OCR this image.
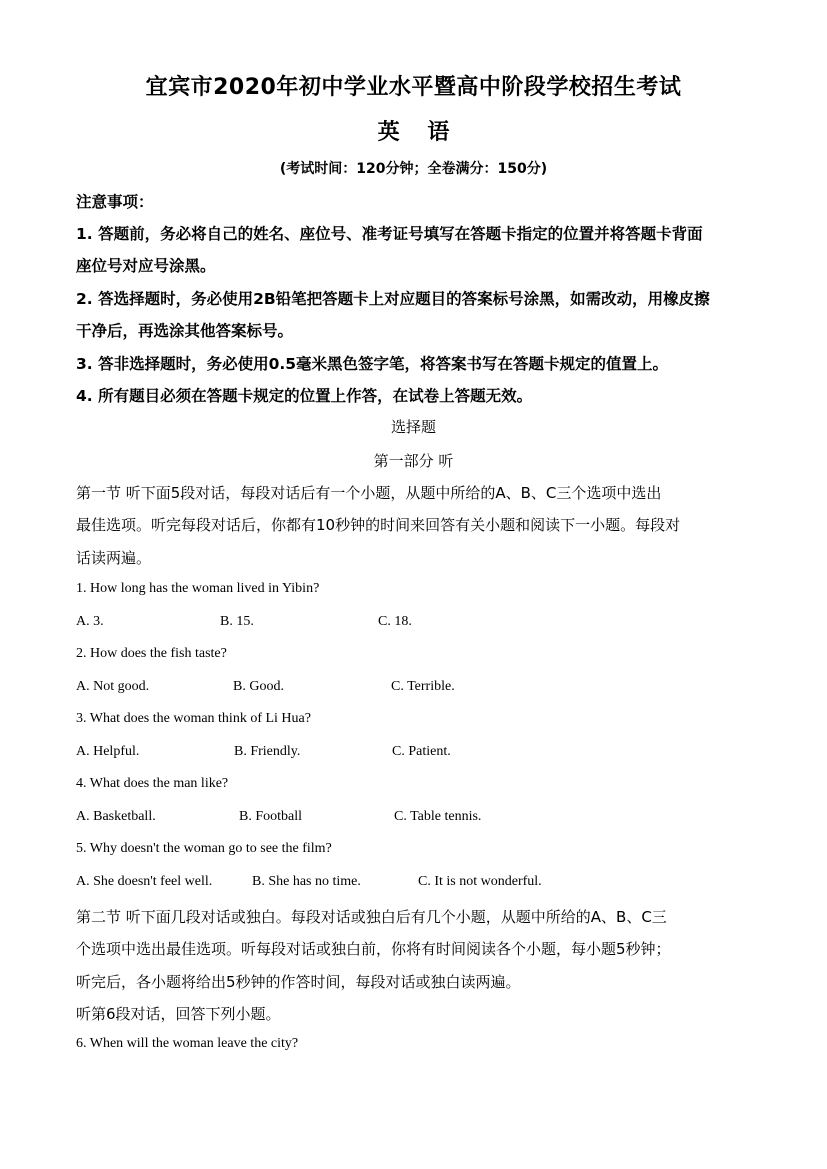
宜宾市2020年初中学业水平暨高中阶段学校招生考试
英 语
(考试时间：120分钟；全卷满分：150分)
注意事项：
1. 答题前，务必将自己的姓名、座位号、准考证号填写在答题卡指定的位置并将答题卡背面
座位号对应号涂黑。
2. 答选择题时，务必使用2B铅笔把答题卡上对应题目的答案标号涂黑，如需改动，用橡皮擦
干净后，再选涂其他答案标号。
3. 答非选择题时，务必使用0.5毫米黑色签字笔，将答案书写在答题卡规定的值置上。
4. 所有题目必须在答题卡规定的位置上作答，在试卷上答题无效。
选择题
第一部分 听
第一节 听下面5段对话，每段对话后有一个小题，从题中所给的A、B、C三个选项中选出
最佳选项。听完每段对话后，你都有10秒钟的时间来回答有关小题和阅读下一小题。每段对
话读两遍。
1. How long has the woman lived in Yibin?
A. 3.	B. 15.	C. 18.
2. How does the fish taste?
A. Not good.	B. Good.	C. Terrible.
3. What does the woman think of Li Hua?
A. Helpful.	B. Friendly.	C. Patient.
4. What does the man like?
A. Basketball.	B. Football	C. Table tennis.
5. Why doesn't the woman go to see the film?
A. She doesn't feel well.	B. She has no time.	C. It is not wonderful.
第二节 听下面几段对话或独白。每段对话或独白后有几个小题，从题中所给的A、B、C三
个选项中选出最佳选项。听每段对话或独白前，你将有时间阅读各个小题，每小题5秒钟；
听完后，各小题将给出5秒钟的作答时间，每段对话或独白读两遍。
听第6段对话，回答下列小题。
6. When will the woman leave the city?
